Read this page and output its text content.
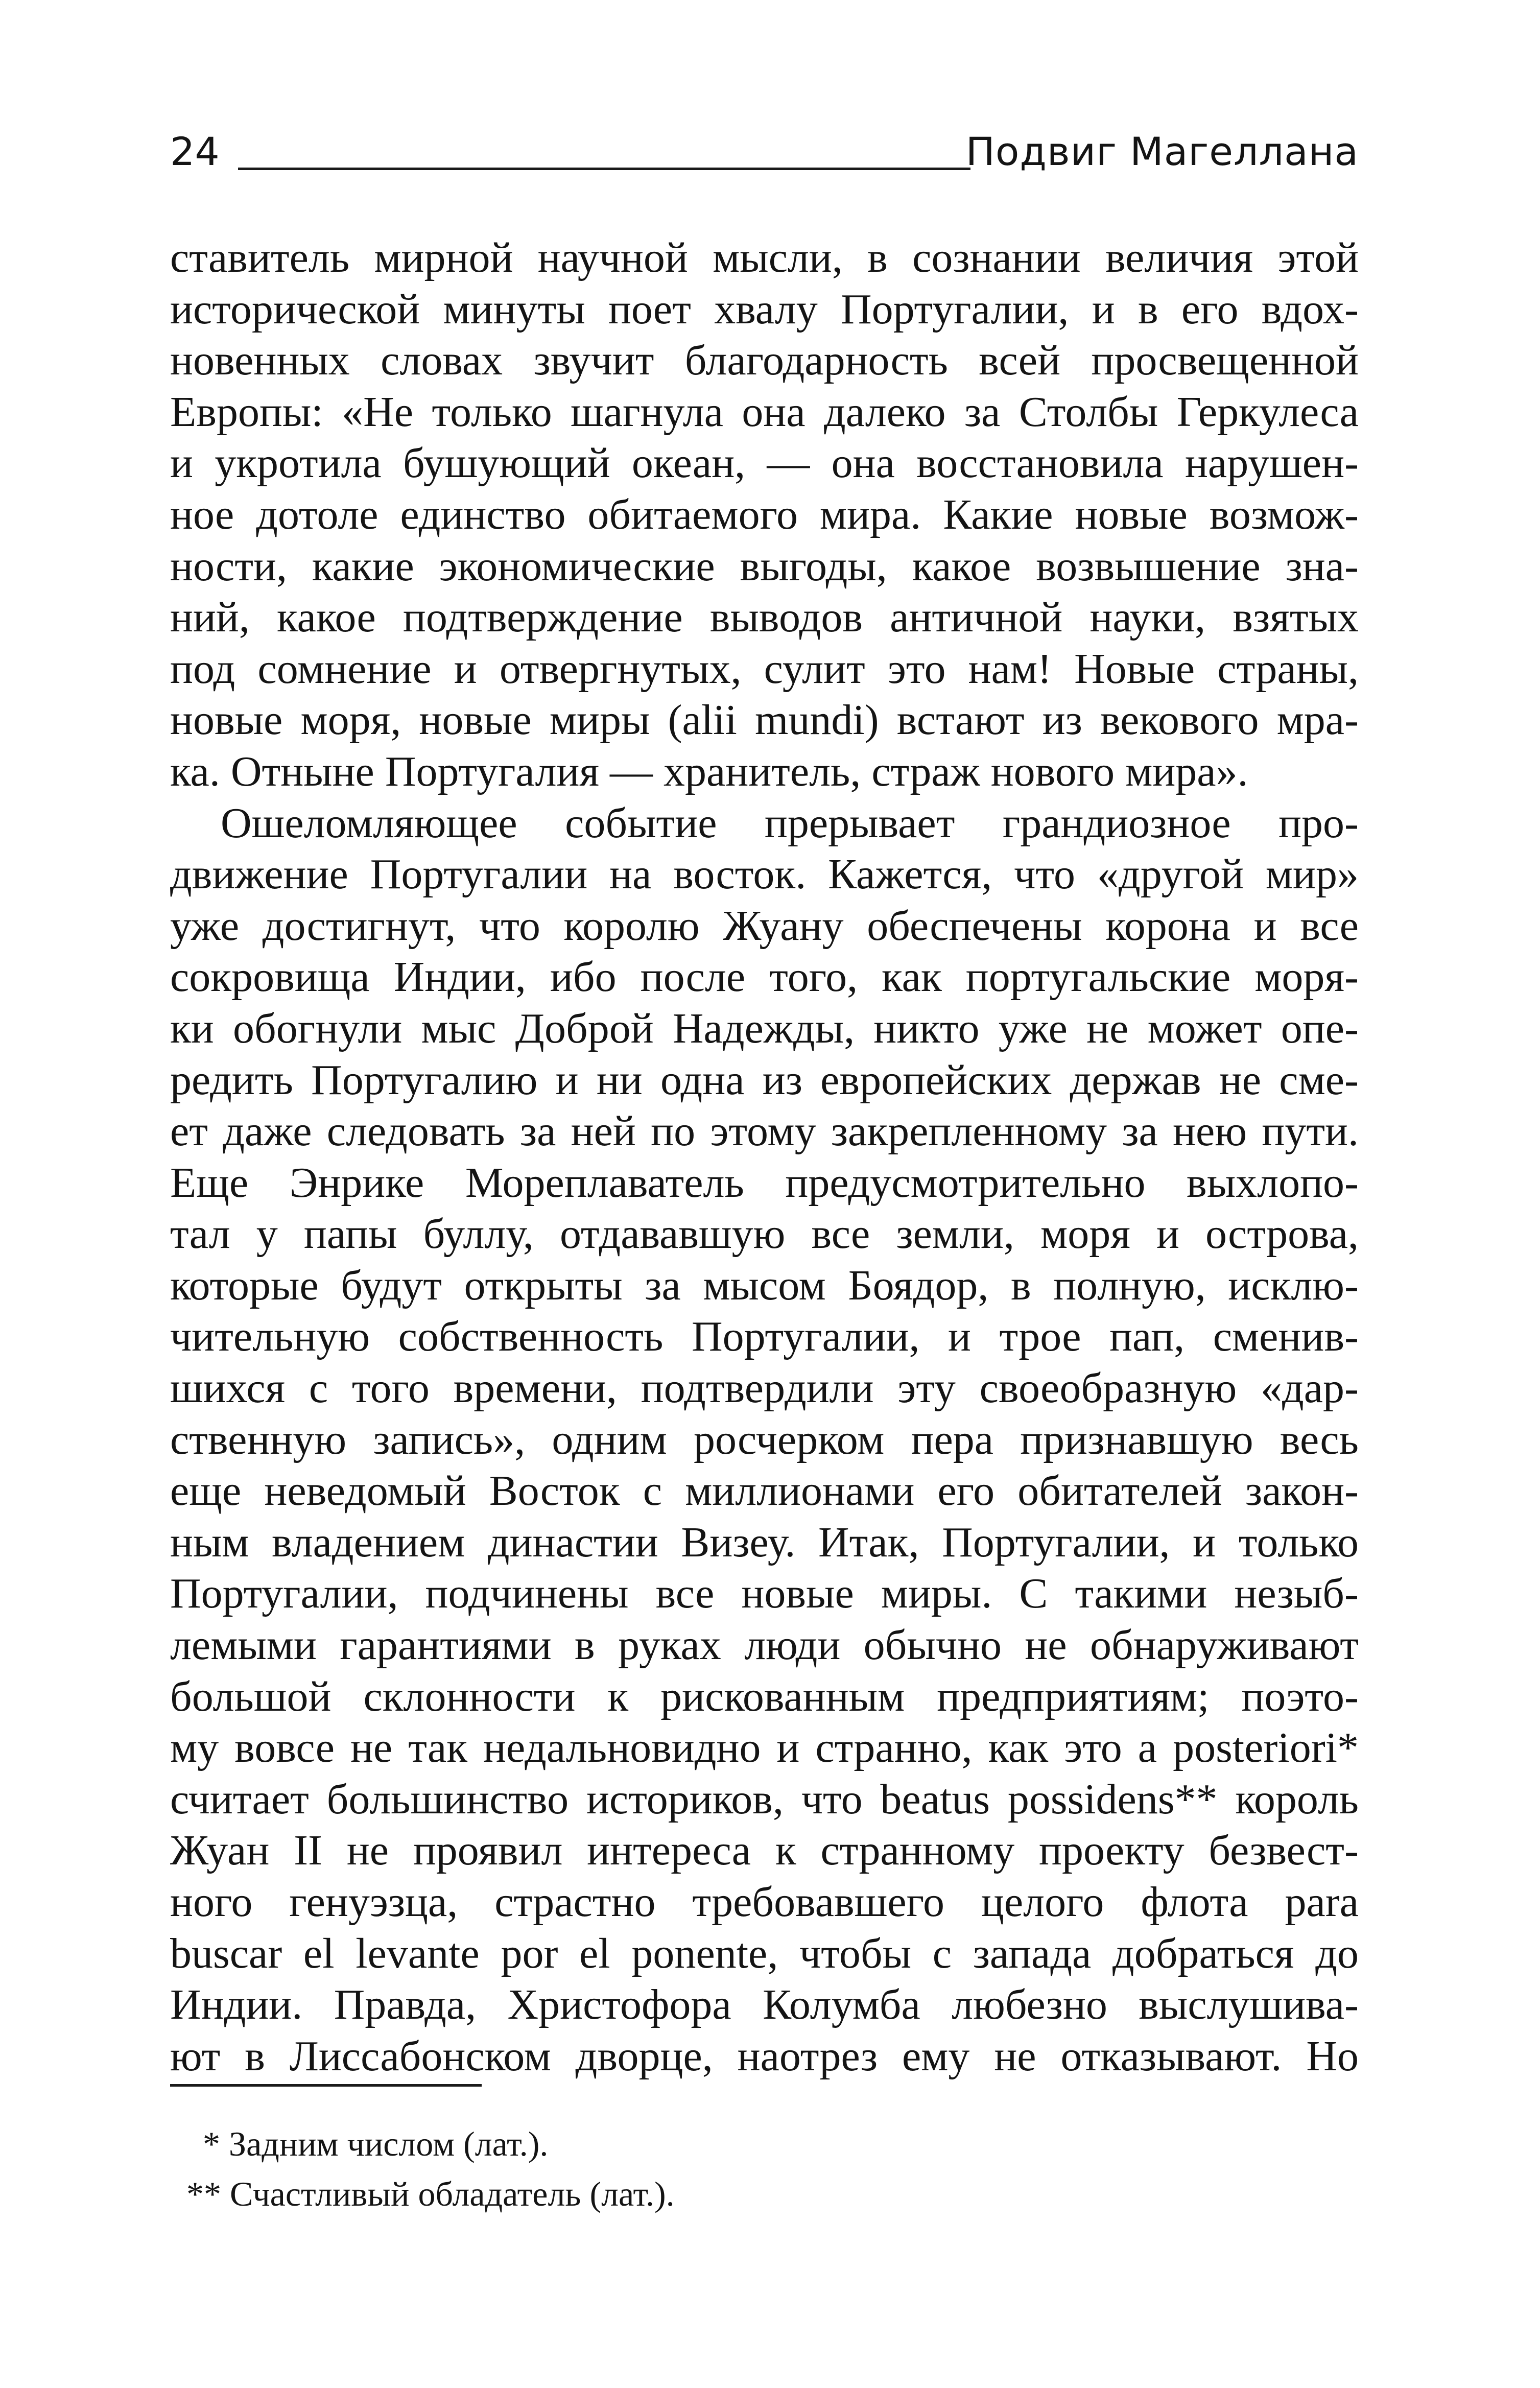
24	Подвиг Магеллана
ставитель мирной научной мысли, в сознании величия этой
исторической минуты поет хвалу Португалии, и в его вдох-
новенных словах звучит благодарность всей просвещенной
Европы: «Не только шагнула она далеко за Столбы Геркулеса
и укротила бушующий океан, — она восстановила нарушен-
ное дотоле единство обитаемого мира. Какие новые возмож-
ности, какие экономические выгоды, какое возвышение зна-
ний, какое подтверждение выводов античной науки, взятых
под сомнение и отвергнутых, сулит это нам! Новые страны,
новые моря, новые миры (alii mundi) встают из векового мра-
ка. Отныне Португалия — хранитель, страж нового мира».
Ошеломляющее событие прерывает грандиозное про-
движение Португалии на восток. Кажется, что «другой мир»
уже достигнут, что королю Жуану обеспечены корона и все
сокровища Индии, ибо после того, как португальские моря-
ки обогнули мыс Доброй Надежды, никто уже не может опе-
редить Португалию и ни одна из европейских держав не сме-
ет даже следовать за ней по этому закрепленному за нею пути.
Еще Энрике Мореплаватель предусмотрительно выхлопо-
тал у папы буллу, отдававшую все земли, моря и острова,
которые будут открыты за мысом Боядор, в полную, исклю-
чительную собственность Португалии, и трое пап, сменив-
шихся с того времени, подтвердили эту своеобразную «дар-
ственную запись», одним росчерком пера признавшую весь
еще неведомый Восток с миллионами его обитателей закон-
ным владением династии Визеу. Итак, Португалии, и только
Португалии, подчинены все новые миры. С такими незыб-
лемыми гарантиями в руках люди обычно не обнаруживают
большой склонности к рискованным предприятиям; поэто-
му вовсе не так недальновидно и странно, как это a posteriori*
считает большинство историков, что beatus possidens** король
Жуан II не проявил интереса к странному проекту безвест-
ного генуэзца, страстно требовавшего целого флота para
buscar el levante por el ponente, чтобы с запада добраться до
Индии. Правда, Христофора Колумба любезно выслушива-
ют в Лиссабонском дворце, наотрез ему не отказывают. Но
* Задним числом (лат.).
** Счастливый обладатель (лат.).
